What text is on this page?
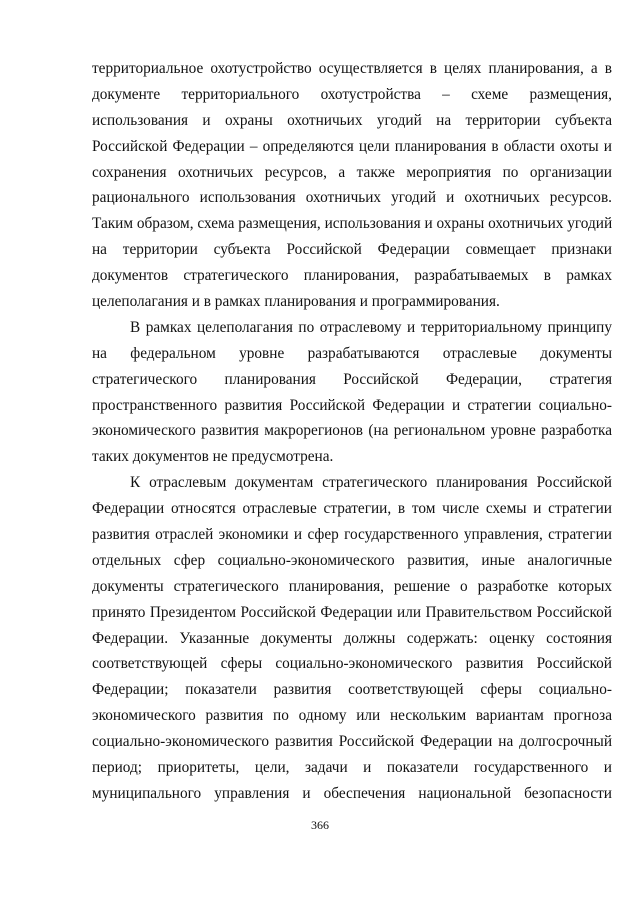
территориальное охотустройство осуществляется в целях планирования, а в
документе территориального охотустройства – схеме размещения,
использования и охраны охотничьих угодий на территории субъекта
Российской Федерации – определяются цели планирования в области охоты и
сохранения охотничьих ресурсов, а также мероприятия по организации
рационального использования охотничьих угодий и охотничьих ресурсов.
Таким образом, схема размещения, использования и охраны охотничьих угодий
на территории субъекта Российской Федерации совмещает признаки
документов стратегического планирования, разрабатываемых в рамках
целеполагания и в рамках планирования и программирования.
В рамках целеполагания по отраслевому и территориальному принципу
на федеральном уровне разрабатываются отраслевые документы
стратегического планирования Российской Федерации, стратегия
пространственного развития Российской Федерации и стратегии социально-
экономического развития макрорегионов (на региональном уровне разработка
таких документов не предусмотрена.
К отраслевым документам стратегического планирования Российской
Федерации относятся отраслевые стратегии, в том числе схемы и стратегии
развития отраслей экономики и сфер государственного управления, стратегии
отдельных сфер социально-экономического развития, иные аналогичные
документы стратегического планирования, решение о разработке которых
принято Президентом Российской Федерации или Правительством Российской
Федерации. Указанные документы должны содержать: оценку состояния
соответствующей сферы социально-экономического развития Российской
Федерации; показатели развития соответствующей сферы социально-
экономического развития по одному или нескольким вариантам прогноза
социально-экономического развития Российской Федерации на долгосрочный
период; приоритеты, цели, задачи и показатели государственного и
муниципального управления и обеспечения национальной безопасности
366
